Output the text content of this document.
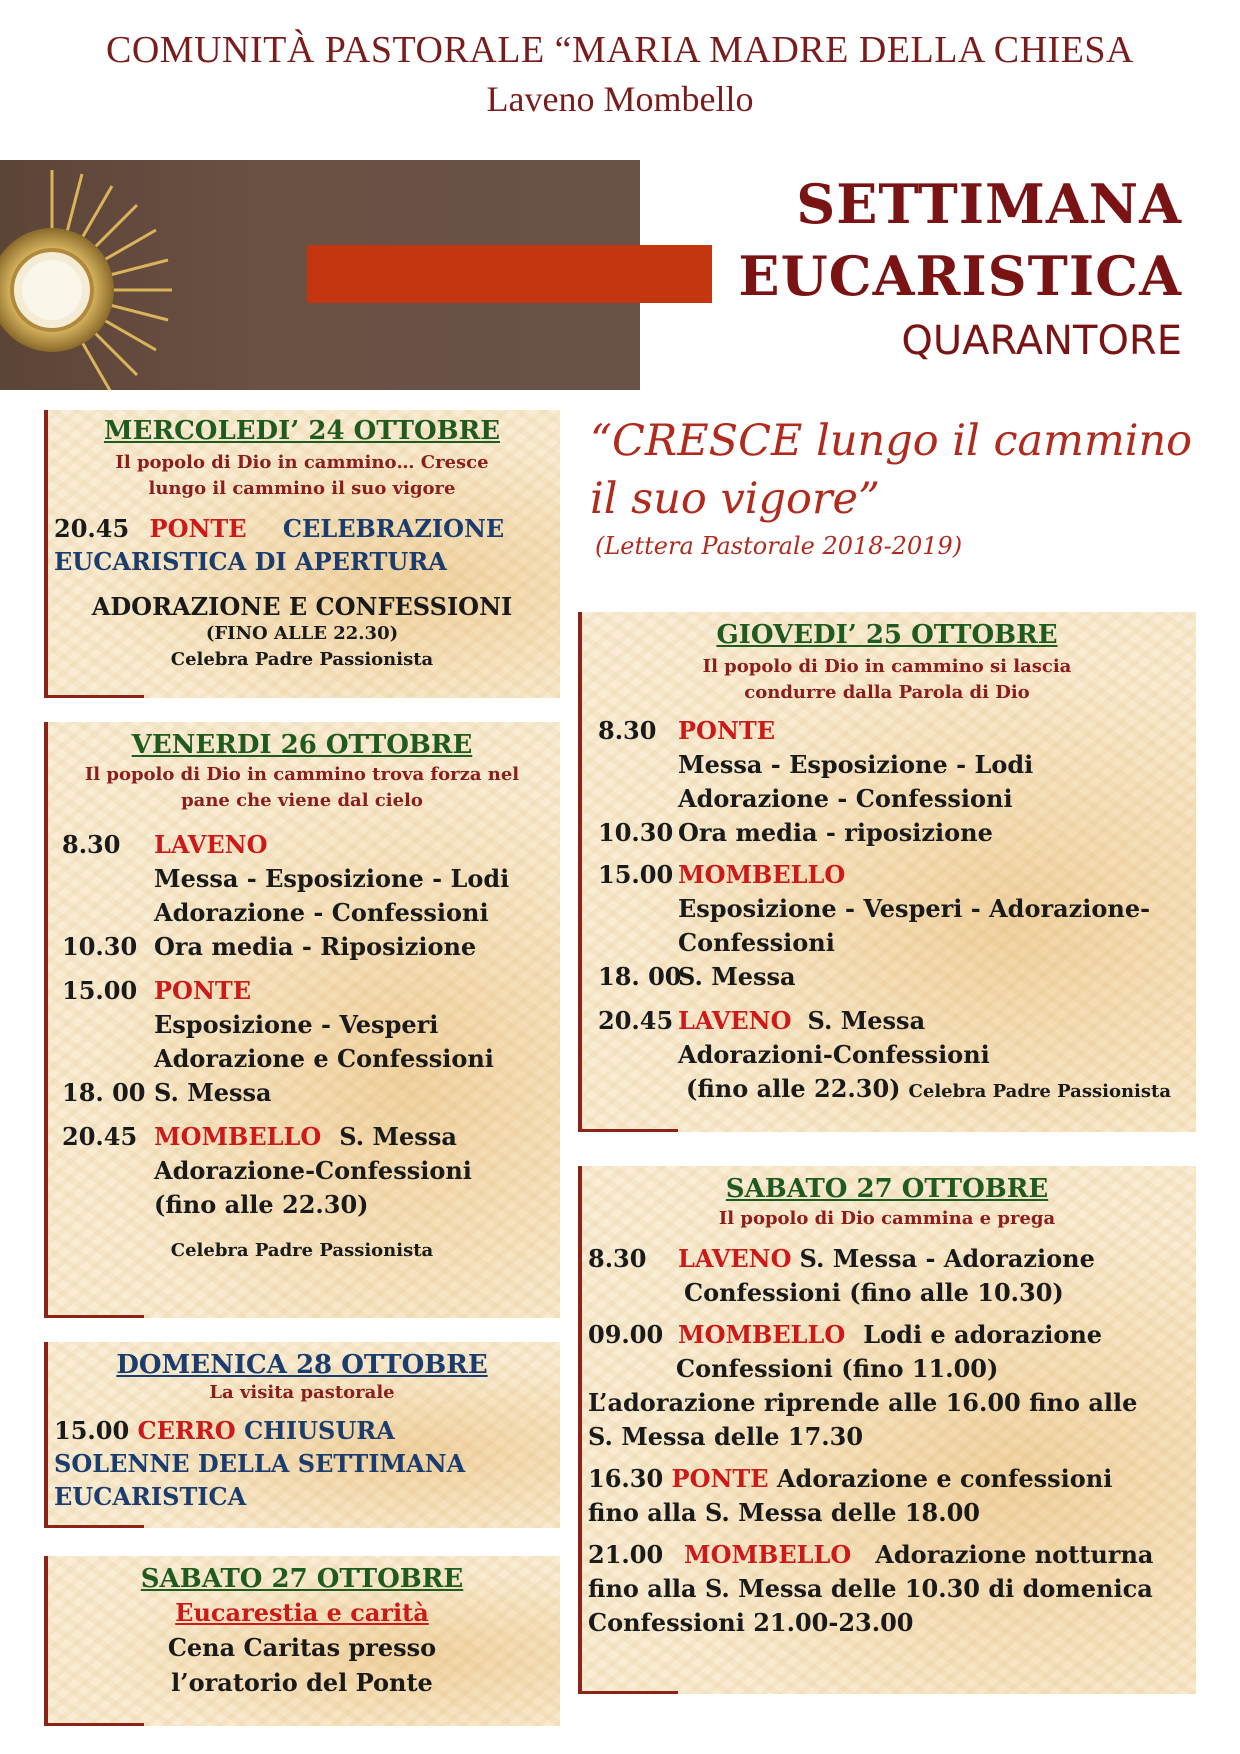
COMUNITÀ PASTORALE “MARIA MADRE DELLA CHIESA
Laveno Mombello
SETTIMANA
EUCARISTICA
QUARANTORE
“CRESCE lungo il cammino
il suo vigore”
(Lettera Pastorale 2018-2019)
MERCOLEDI’ 24 OTTOBRE
Il popolo di Dio in cammino… Cresce
lungo il cammino il suo vigore
20.45 PONTE CELEBRAZIONE
EUCARISTICA DI APERTURA
ADORAZIONE E CONFESSIONI
(FINO ALLE 22.30)
Celebra Padre Passionista
VENERDI 26 OTTOBRE
Il popolo di Dio in cammino trova forza nel
pane che viene dal cielo
8.30 LAVENO
Messa - Esposizione - Lodi
Adorazione - Confessioni
10.30 Ora media - Riposizione
15.00 PONTE
Esposizione - Vesperi
Adorazione e Confessioni
18. 00 S. Messa
20.45 MOMBELLO S. Messa
Adorazione-Confessioni
(fino alle 22.30)
Celebra Padre Passionista
DOMENICA 28 OTTOBRE
La visita pastorale
15.00 CERRO CHIUSURA
SOLENNE DELLA SETTIMANA
EUCARISTICA
SABATO 27 OTTOBRE
Eucarestia e carità
Cena Caritas presso
l’oratorio del Ponte
GIOVEDI’ 25 OTTOBRE
Il popolo di Dio in cammino si lascia
condurre dalla Parola di Dio
8.30 PONTE
Messa - Esposizione - Lodi
Adorazione - Confessioni
10.30 Ora media - riposizione
15.00 MOMBELLO
Esposizione - Vesperi - Adorazione-
Confessioni
18. 00S. Messa
20.45 LAVENO S. Messa
Adorazioni-Confessioni
(fino alle 22.30) Celebra Padre Passionista
SABATO 27 OTTOBRE
Il popolo di Dio cammina e prega
8.30 LAVENO S. Messa - Adorazione
Confessioni (fino alle 10.30)
09.00 MOMBELLO Lodi e adorazione
Confessioni (fino 11.00)
L’adorazione riprende alle 16.00 fino alle
S. Messa delle 17.30
16.30 PONTE Adorazione e confessioni
fino alla S. Messa delle 18.00
21.00 MOMBELLO Adorazione notturna
fino alla S. Messa delle 10.30 di domenica
Confessioni 21.00-23.00
